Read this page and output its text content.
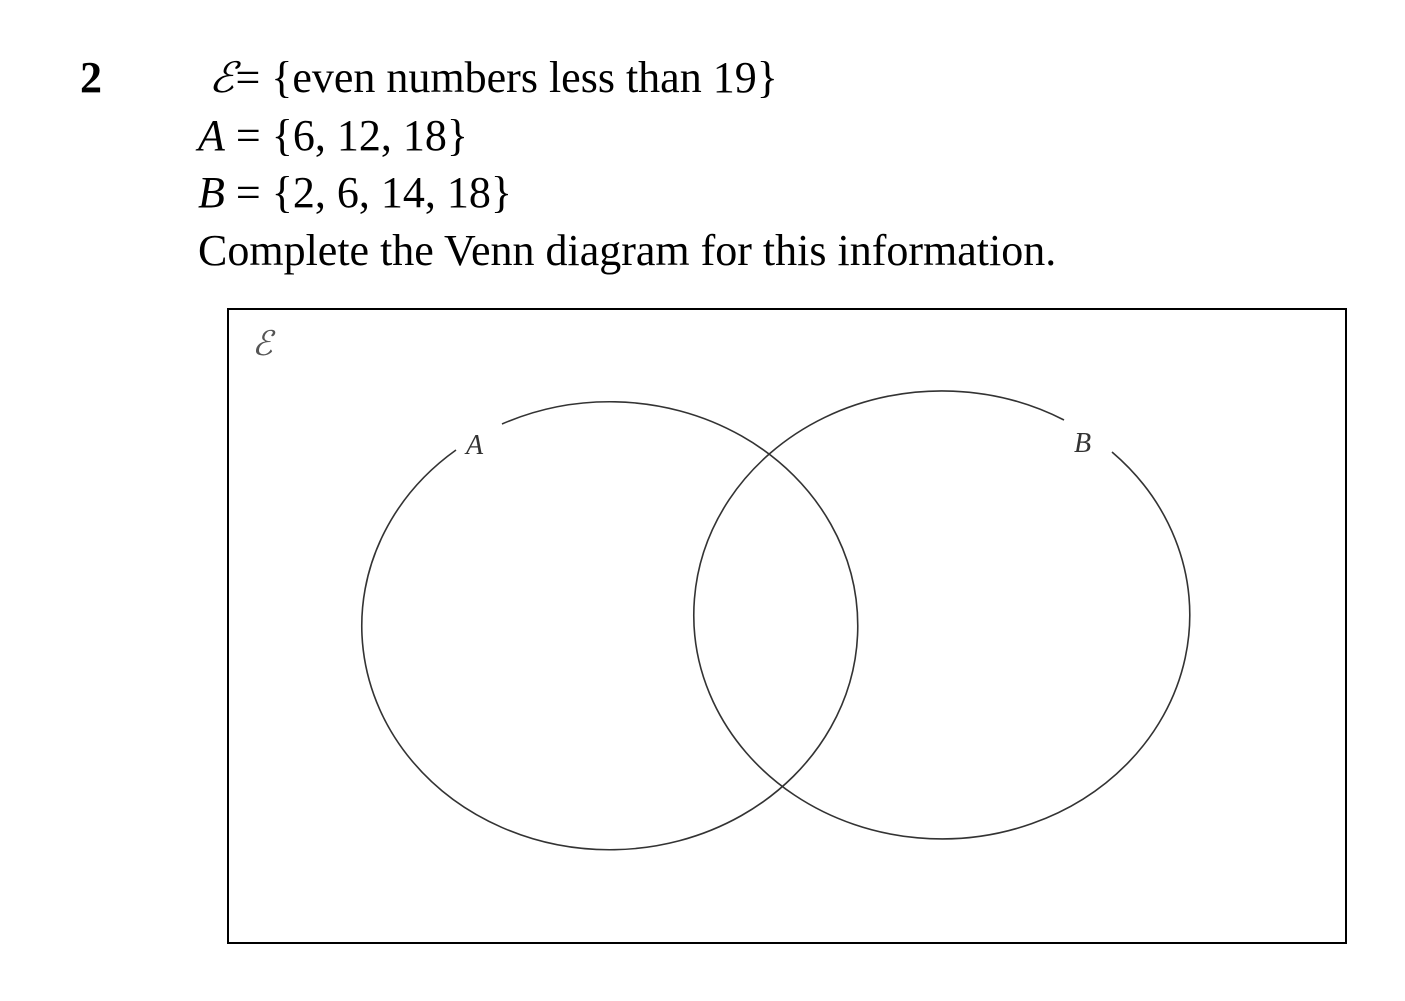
2 ℰ= {even numbers less than 19}
A = {6, 12, 18}
B = {2, 6, 14, 18}
Complete the Venn diagram for this information.
ℰ
A	B
